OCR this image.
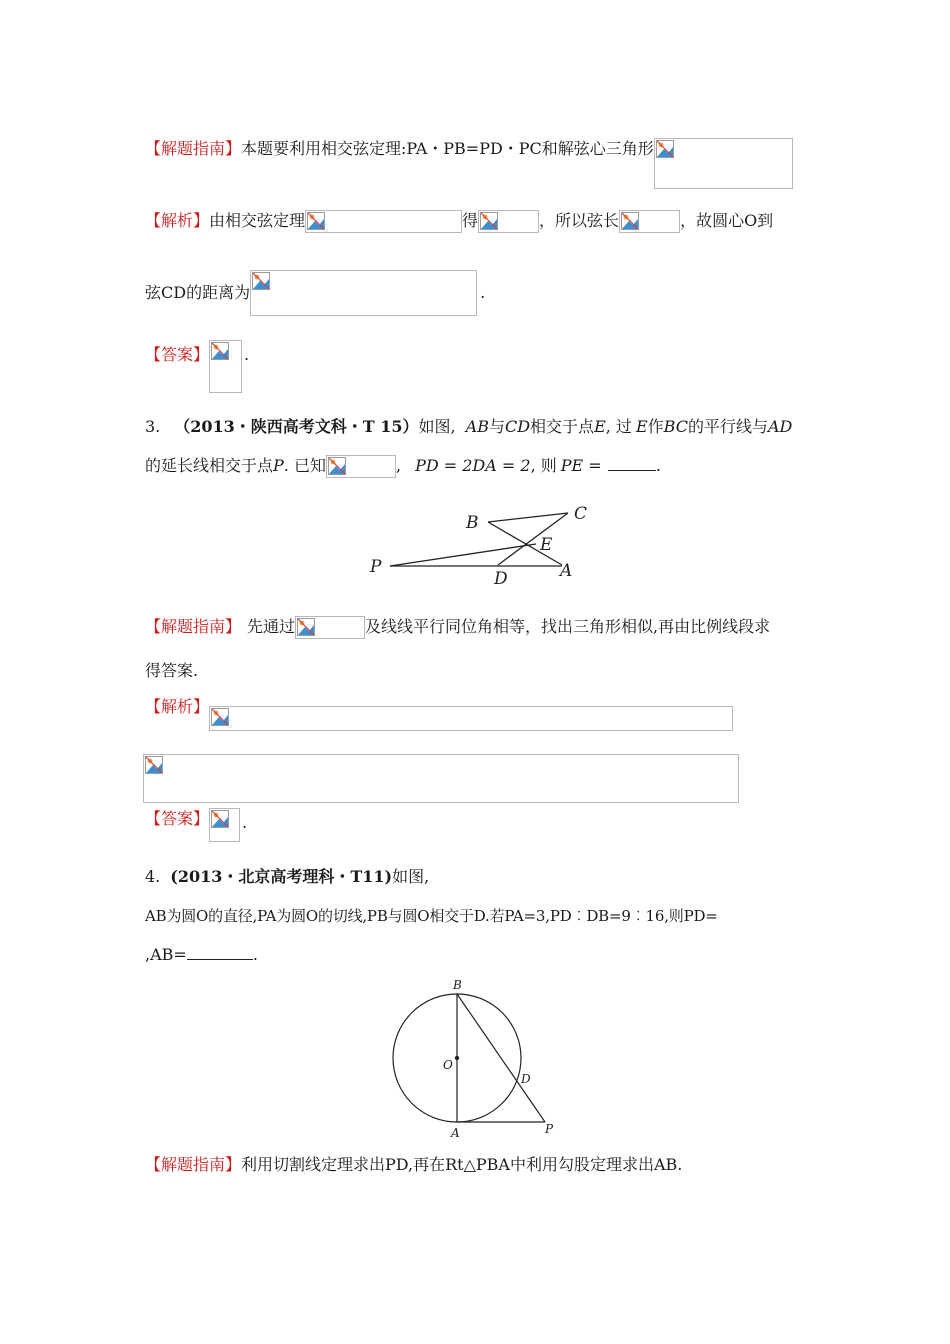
【解题指南】本题要利用相交弦定理:PA・PB=PD・PC和解弦心三角形
【解析】由相交弦定理	得	，所以弦长	，故圆心O到
弦CD的距离为	.
【答案】 .
3. （2013・陕西高考文科・T 15）如图, AB与CD相交于点E, 过 E作BC的平行线与AD
的延长线相交于点P. 已知	, PD = 2DA = 2, 则 PE =	.
B	C
E
P
D	A
【解题指南】 先通过	及线线平行同位角相等，找出三角形相似,再由比例线段求
得答案.
【解析】
【答案】 .
4. (2013・北京高考理科・T11)如图,
AB为圆O的直径,PA为圆O的切线,PB与圆O相交于D.若PA=3,PD︰DB=9︰16,则PD=
,AB=	.
B
O
D
A	P
【解题指南】利用切割线定理求出PD,再在Rt△PBA中利用勾股定理求出AB.
